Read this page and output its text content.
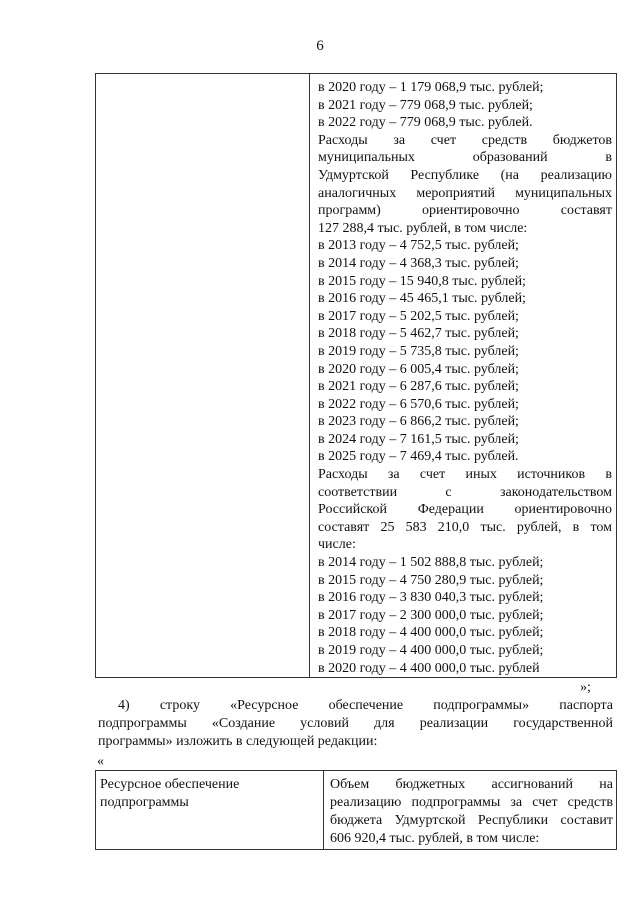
6
в 2020 году – 1 179 068,9 тыс. рублей;
в 2021 году – 779 068,9 тыс. рублей;
в 2022 году – 779 068,9 тыс. рублей.
Расходы за счет средств бюджетов
муниципальных образований в
Удмуртской Республике (на реализацию
аналогичных мероприятий муниципальных
программ) ориентировочно составят
127 288,4 тыс. рублей, в том числе:
в 2013 году – 4 752,5 тыс. рублей;
в 2014 году – 4 368,3 тыс. рублей;
в 2015 году – 15 940,8 тыс. рублей;
в 2016 году – 45 465,1 тыс. рублей;
в 2017 году – 5 202,5 тыс. рублей;
в 2018 году – 5 462,7 тыс. рублей;
в 2019 году – 5 735,8 тыс. рублей;
в 2020 году – 6 005,4 тыс. рублей;
в 2021 году – 6 287,6 тыс. рублей;
в 2022 году – 6 570,6 тыс. рублей;
в 2023 году – 6 866,2 тыс. рублей;
в 2024 году – 7 161,5 тыс. рублей;
в 2025 году – 7 469,4 тыс. рублей.
Расходы за счет иных источников в
соответствии с законодательством
Российской Федерации ориентировочно
составят 25 583 210,0 тыс. рублей, в том
числе:
в 2014 году – 1 502 888,8 тыс. рублей;
в 2015 году – 4 750 280,9 тыс. рублей;
в 2016 году – 3 830 040,3 тыс. рублей;
в 2017 году – 2 300 000,0 тыс. рублей;
в 2018 году – 4 400 000,0 тыс. рублей;
в 2019 году – 4 400 000,0 тыс. рублей;
в 2020 году – 4 400 000,0 тыс. рублей
»;
4) строку «Ресурсное обеспечение подпрограммы» паспорта
подпрограммы «Создание условий для реализации государственной
программы» изложить в следующей редакции:
«
Ресурсное обеспечение
подпрограммы
Объем бюджетных ассигнований на
реализацию подпрограммы за счет средств
бюджета Удмуртской Республики составит
606 920,4 тыс. рублей, в том числе:
